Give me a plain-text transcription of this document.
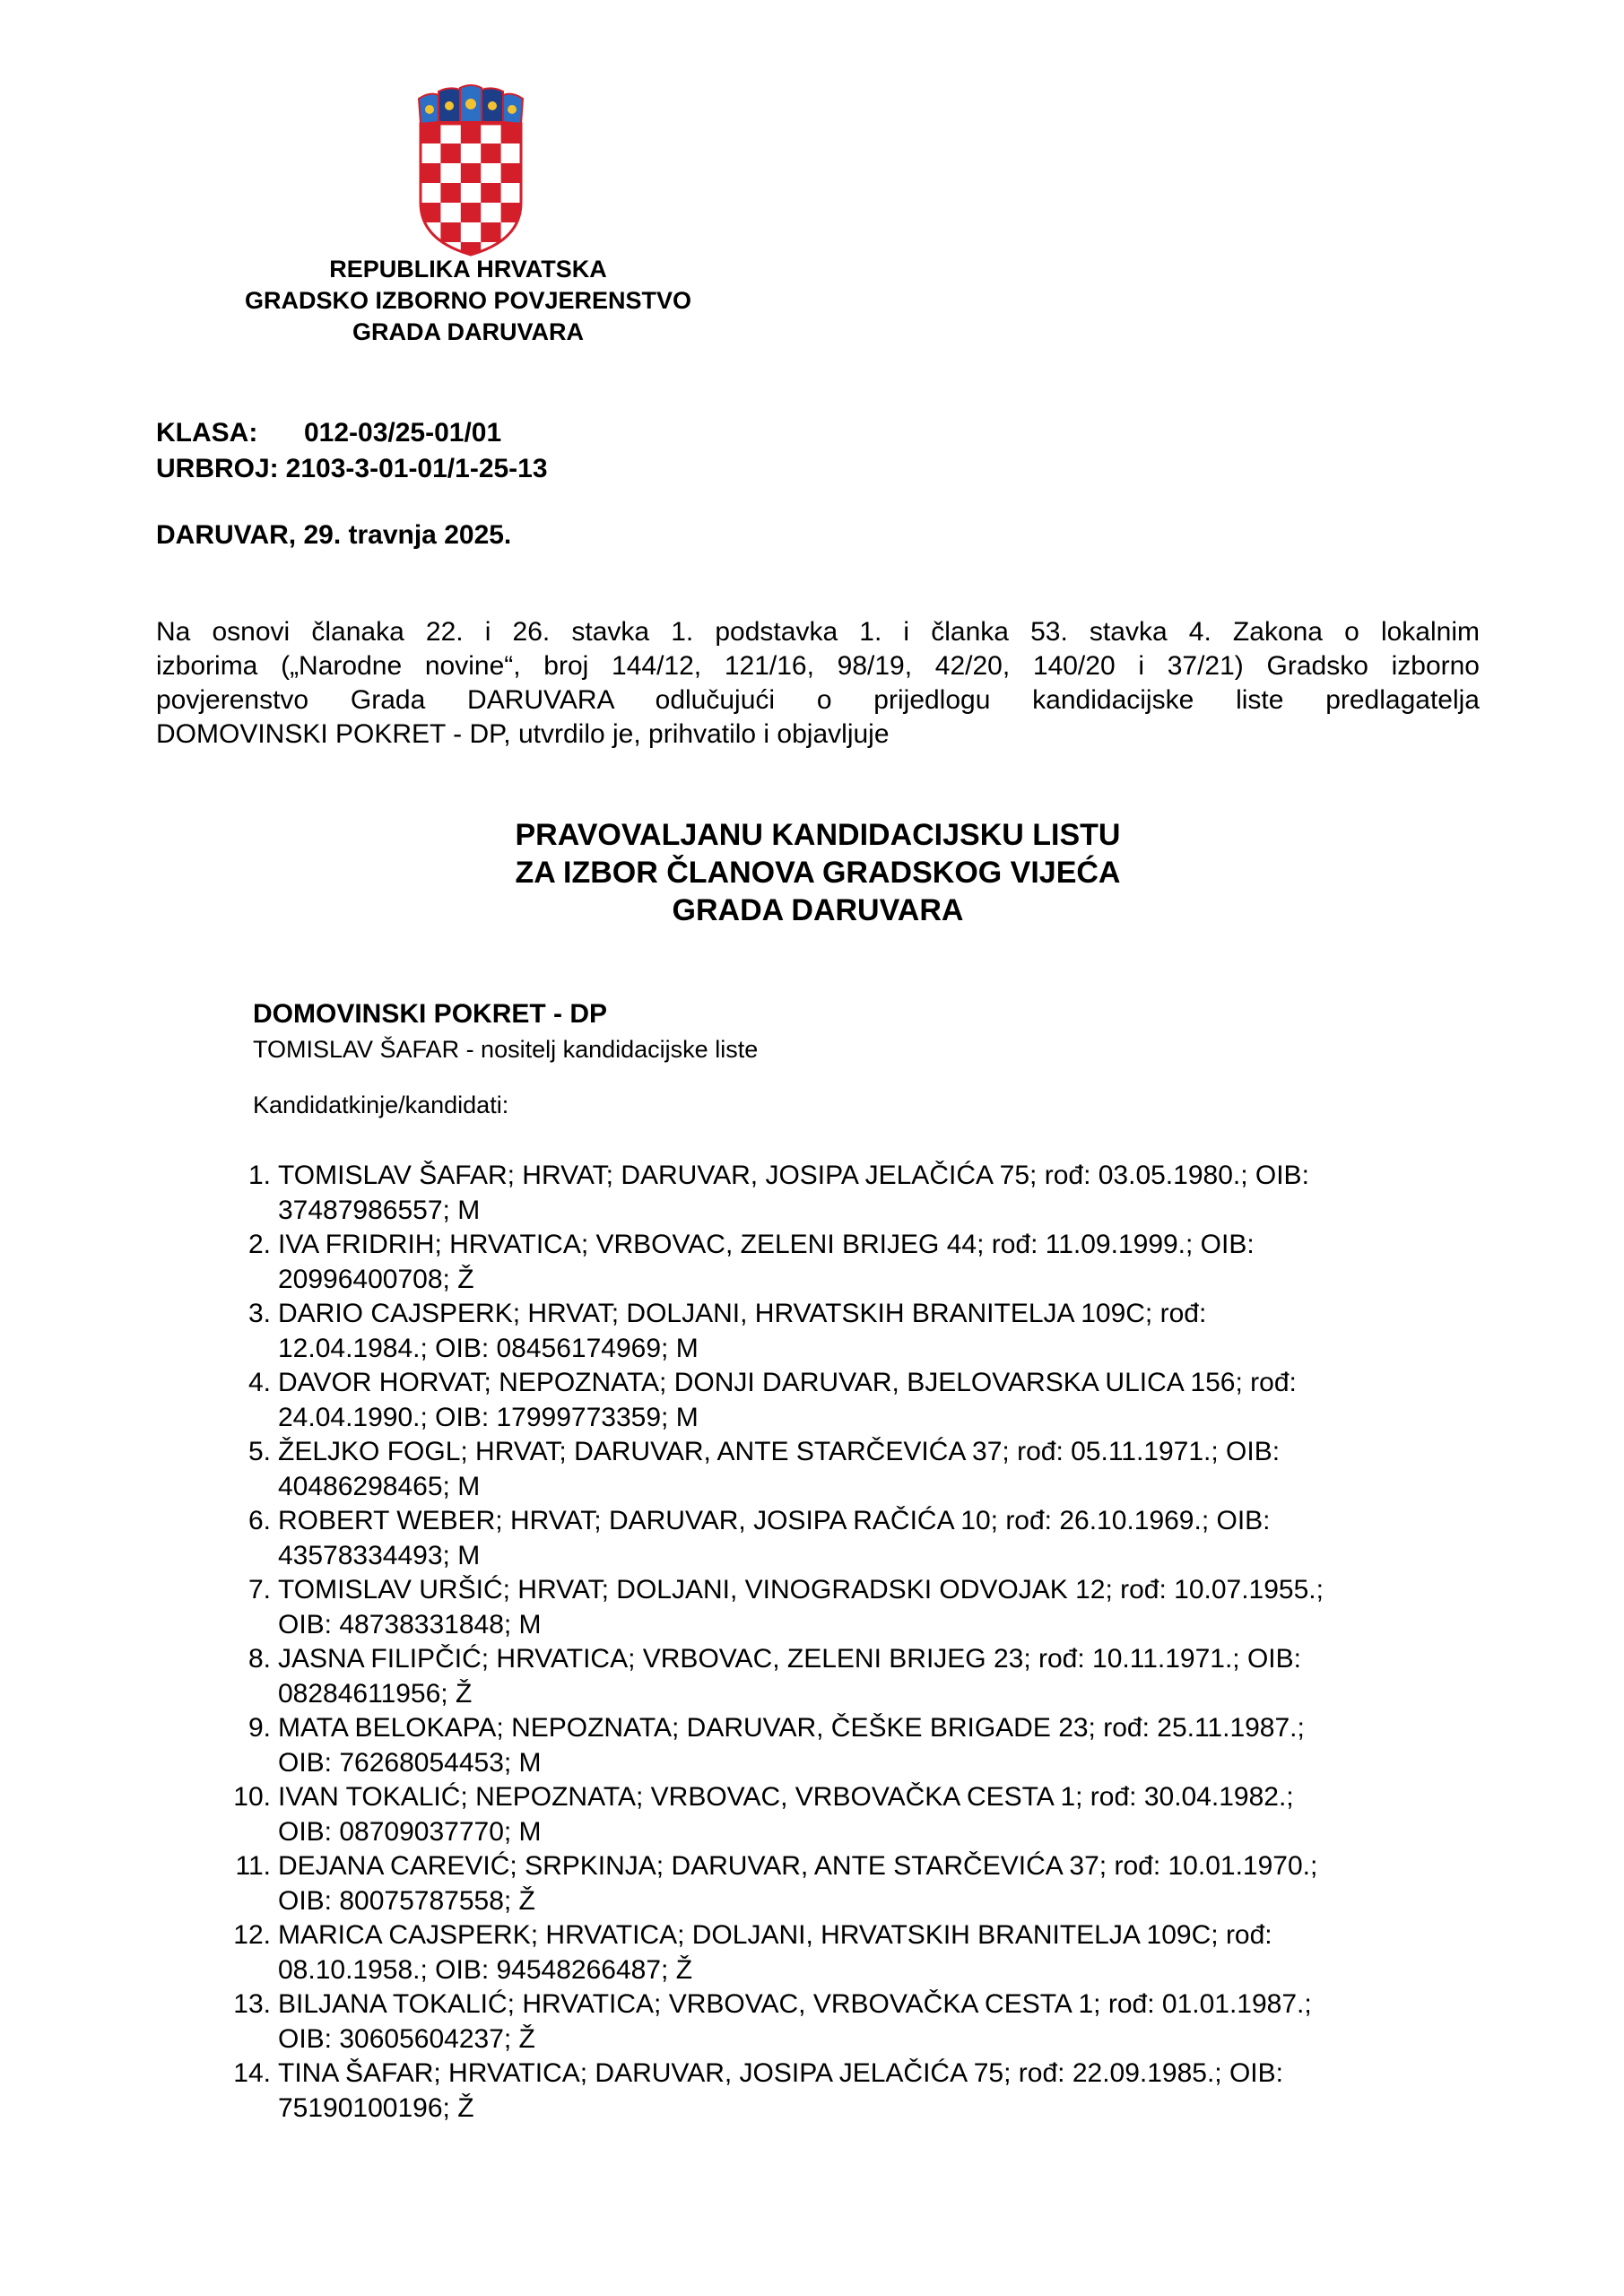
REPUBLIKA HRVATSKA
GRADSKO IZBORNO POVJERENSTVO
GRADA DARUVARA
KLASA:	012-03/25-01/01
URBROJ: 2103-3-01-01/1-25-13
DARUVAR, 29. travnja 2025.
Na osnovi članaka 22. i 26. stavka 1. podstavka 1. i članka 53. stavka 4. Zakona o lokalnim
izborima („Narodne novine“, broj 144/12, 121/16, 98/19, 42/20, 140/20 i 37/21) Gradsko izborno
povjerenstvo Grada DARUVARA odlučujući o prijedlogu kandidacijske liste predlagatelja
DOMOVINSKI POKRET - DP, utvrdilo je, prihvatilo i objavljuje
PRAVOVALJANU KANDIDACIJSKU LISTU
ZA IZBOR ČLANOVA GRADSKOG VIJEĆA
GRADA DARUVARA
DOMOVINSKI POKRET - DP
TOMISLAV ŠAFAR - nositelj kandidacijske liste
Kandidatkinje/kandidati:
1. TOMISLAV ŠAFAR; HRVAT; DARUVAR, JOSIPA JELAČIĆA 75; rođ: 03.05.1980.; OIB:
37487986557; M
2. IVA FRIDRIH; HRVATICA; VRBOVAC, ZELENI BRIJEG 44; rođ: 11.09.1999.; OIB:
20996400708; Ž
3. DARIO CAJSPERK; HRVAT; DOLJANI, HRVATSKIH BRANITELJA 109C; rođ:
12.04.1984.; OIB: 08456174969; M
4. DAVOR HORVAT; NEPOZNATA; DONJI DARUVAR, BJELOVARSKA ULICA 156; rođ:
24.04.1990.; OIB: 17999773359; M
5. ŽELJKO FOGL; HRVAT; DARUVAR, ANTE STARČEVIĆA 37; rođ: 05.11.1971.; OIB:
40486298465; M
6. ROBERT WEBER; HRVAT; DARUVAR, JOSIPA RAČIĆA 10; rođ: 26.10.1969.; OIB:
43578334493; M
7. TOMISLAV URŠIĆ; HRVAT; DOLJANI, VINOGRADSKI ODVOJAK 12; rođ: 10.07.1955.;
OIB: 48738331848; M
8. JASNA FILIPČIĆ; HRVATICA; VRBOVAC, ZELENI BRIJEG 23; rođ: 10.11.1971.; OIB:
08284611956; Ž
9. MATA BELOKAPA; NEPOZNATA; DARUVAR, ČEŠKE BRIGADE 23; rođ: 25.11.1987.;
OIB: 76268054453; M
10. IVAN TOKALIĆ; NEPOZNATA; VRBOVAC, VRBOVAČKA CESTA 1; rođ: 30.04.1982.;
OIB: 08709037770; M
11. DEJANA CAREVIĆ; SRPKINJA; DARUVAR, ANTE STARČEVIĆA 37; rođ: 10.01.1970.;
OIB: 80075787558; Ž
12. MARICA CAJSPERK; HRVATICA; DOLJANI, HRVATSKIH BRANITELJA 109C; rođ:
08.10.1958.; OIB: 94548266487; Ž
13. BILJANA TOKALIĆ; HRVATICA; VRBOVAC, VRBOVAČKA CESTA 1; rođ: 01.01.1987.;
OIB: 30605604237; Ž
14. TINA ŠAFAR; HRVATICA; DARUVAR, JOSIPA JELAČIĆA 75; rođ: 22.09.1985.; OIB:
75190100196; Ž
